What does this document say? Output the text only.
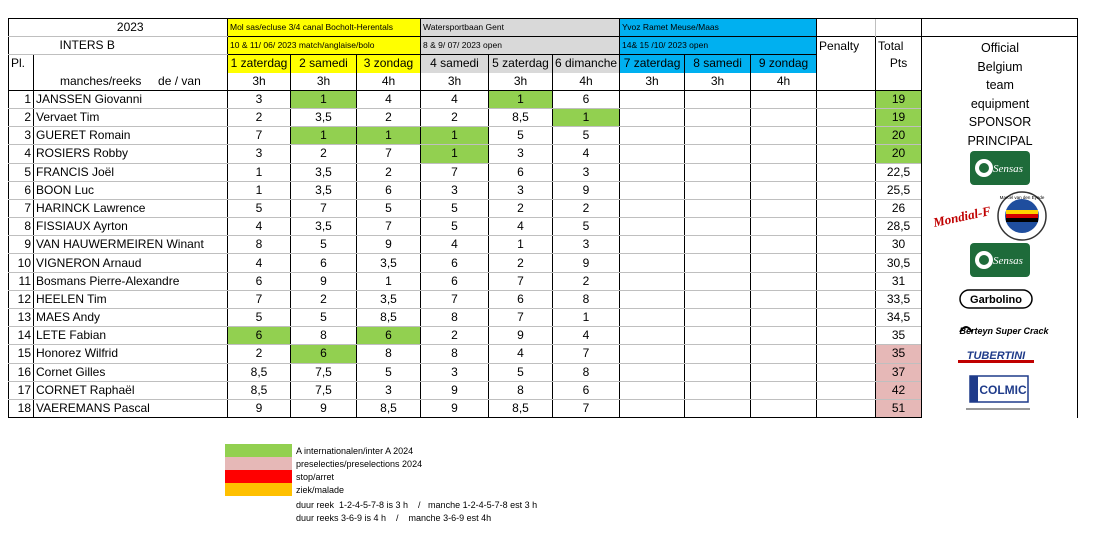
	2023	Mol sas/ecluse 3/4 canal Bocholt-Herentals			Watersportbaan Gent			Yvoz Ramet Meuse/Maas					
	INTERS B	10 & 11/ 06/ 2023 match/anglaise/bolo			8 & 9/ 07/ 2023 open			14& 15 /10/ 2023 open			Penalty	Total	
Pl.		1 zaterdag	2 samedi	3 zondag	4 samedi	5 zaterdag	6 dimanche	7 zaterdag	8 samedi	9 zondag		Pts	
	manches/reeks     de / van	3h	3h	4h	3h	3h	4h	3h	3h	4h			
1	JANSSEN Giovanni	3	1	4	4	1	6					19	
2	Vervaet Tim	2	3,5	2	2	8,5	1					19	
3	GUERET Romain	7	1	1	1	5	5					20	
4	ROSIERS Robby	3	2	7	1	3	4					20	
5	FRANCIS Joël	1	3,5	2	7	6	3					22,5	
6	BOON Luc	1	3,5	6	3	3	9					25,5	
7	HARINCK Lawrence	5	7	5	5	2	2					26	
8	FISSIAUX Ayrton	4	3,5	7	5	4	5					28,5	
9	VAN HAUWERMEIREN Winant	8	5	9	4	1	3					30	
10	VIGNERON Arnaud	4	6	3,5	6	2	9					30,5	
11	Bosmans Pierre-Alexandre	6	9	1	6	7	2					31	
12	HEELEN Tim	7	2	3,5	7	6	8					33,5	
13	MAES Andy	5	5	8,5	8	7	1					34,5	
14	LETE Fabian	6	8	6	2	9	4					35	
15	Honorez Wilfrid	2	6	8	8	4	7					35	
16	Cornet Gilles	8,5	7,5	5	3	5	8					37	
17	CORNET Raphaël	8,5	7,5	3	9	8	6					42	
18	VAEREMANS Pascal	9	9	8,5	9	8,5	7					51	
Official
Belgium
team
equipment
SPONSOR
PRINCIPAL
Sensas
Mondial-F
Marcel van den Eynde
Sensas
Garbolino
Berteyn Super Crack
TUBERTINI
COLMIC
A internationalen/inter A 2024
preselecties/preselections 2024
stop/arret
ziek/malade
duur reek  1-2-4-5-7-8 is 3 h    /   manche 1-2-4-5-7-8 est 3 h
duur reeks 3-6-9 is 4 h    /    manche 3-6-9 est 4h
